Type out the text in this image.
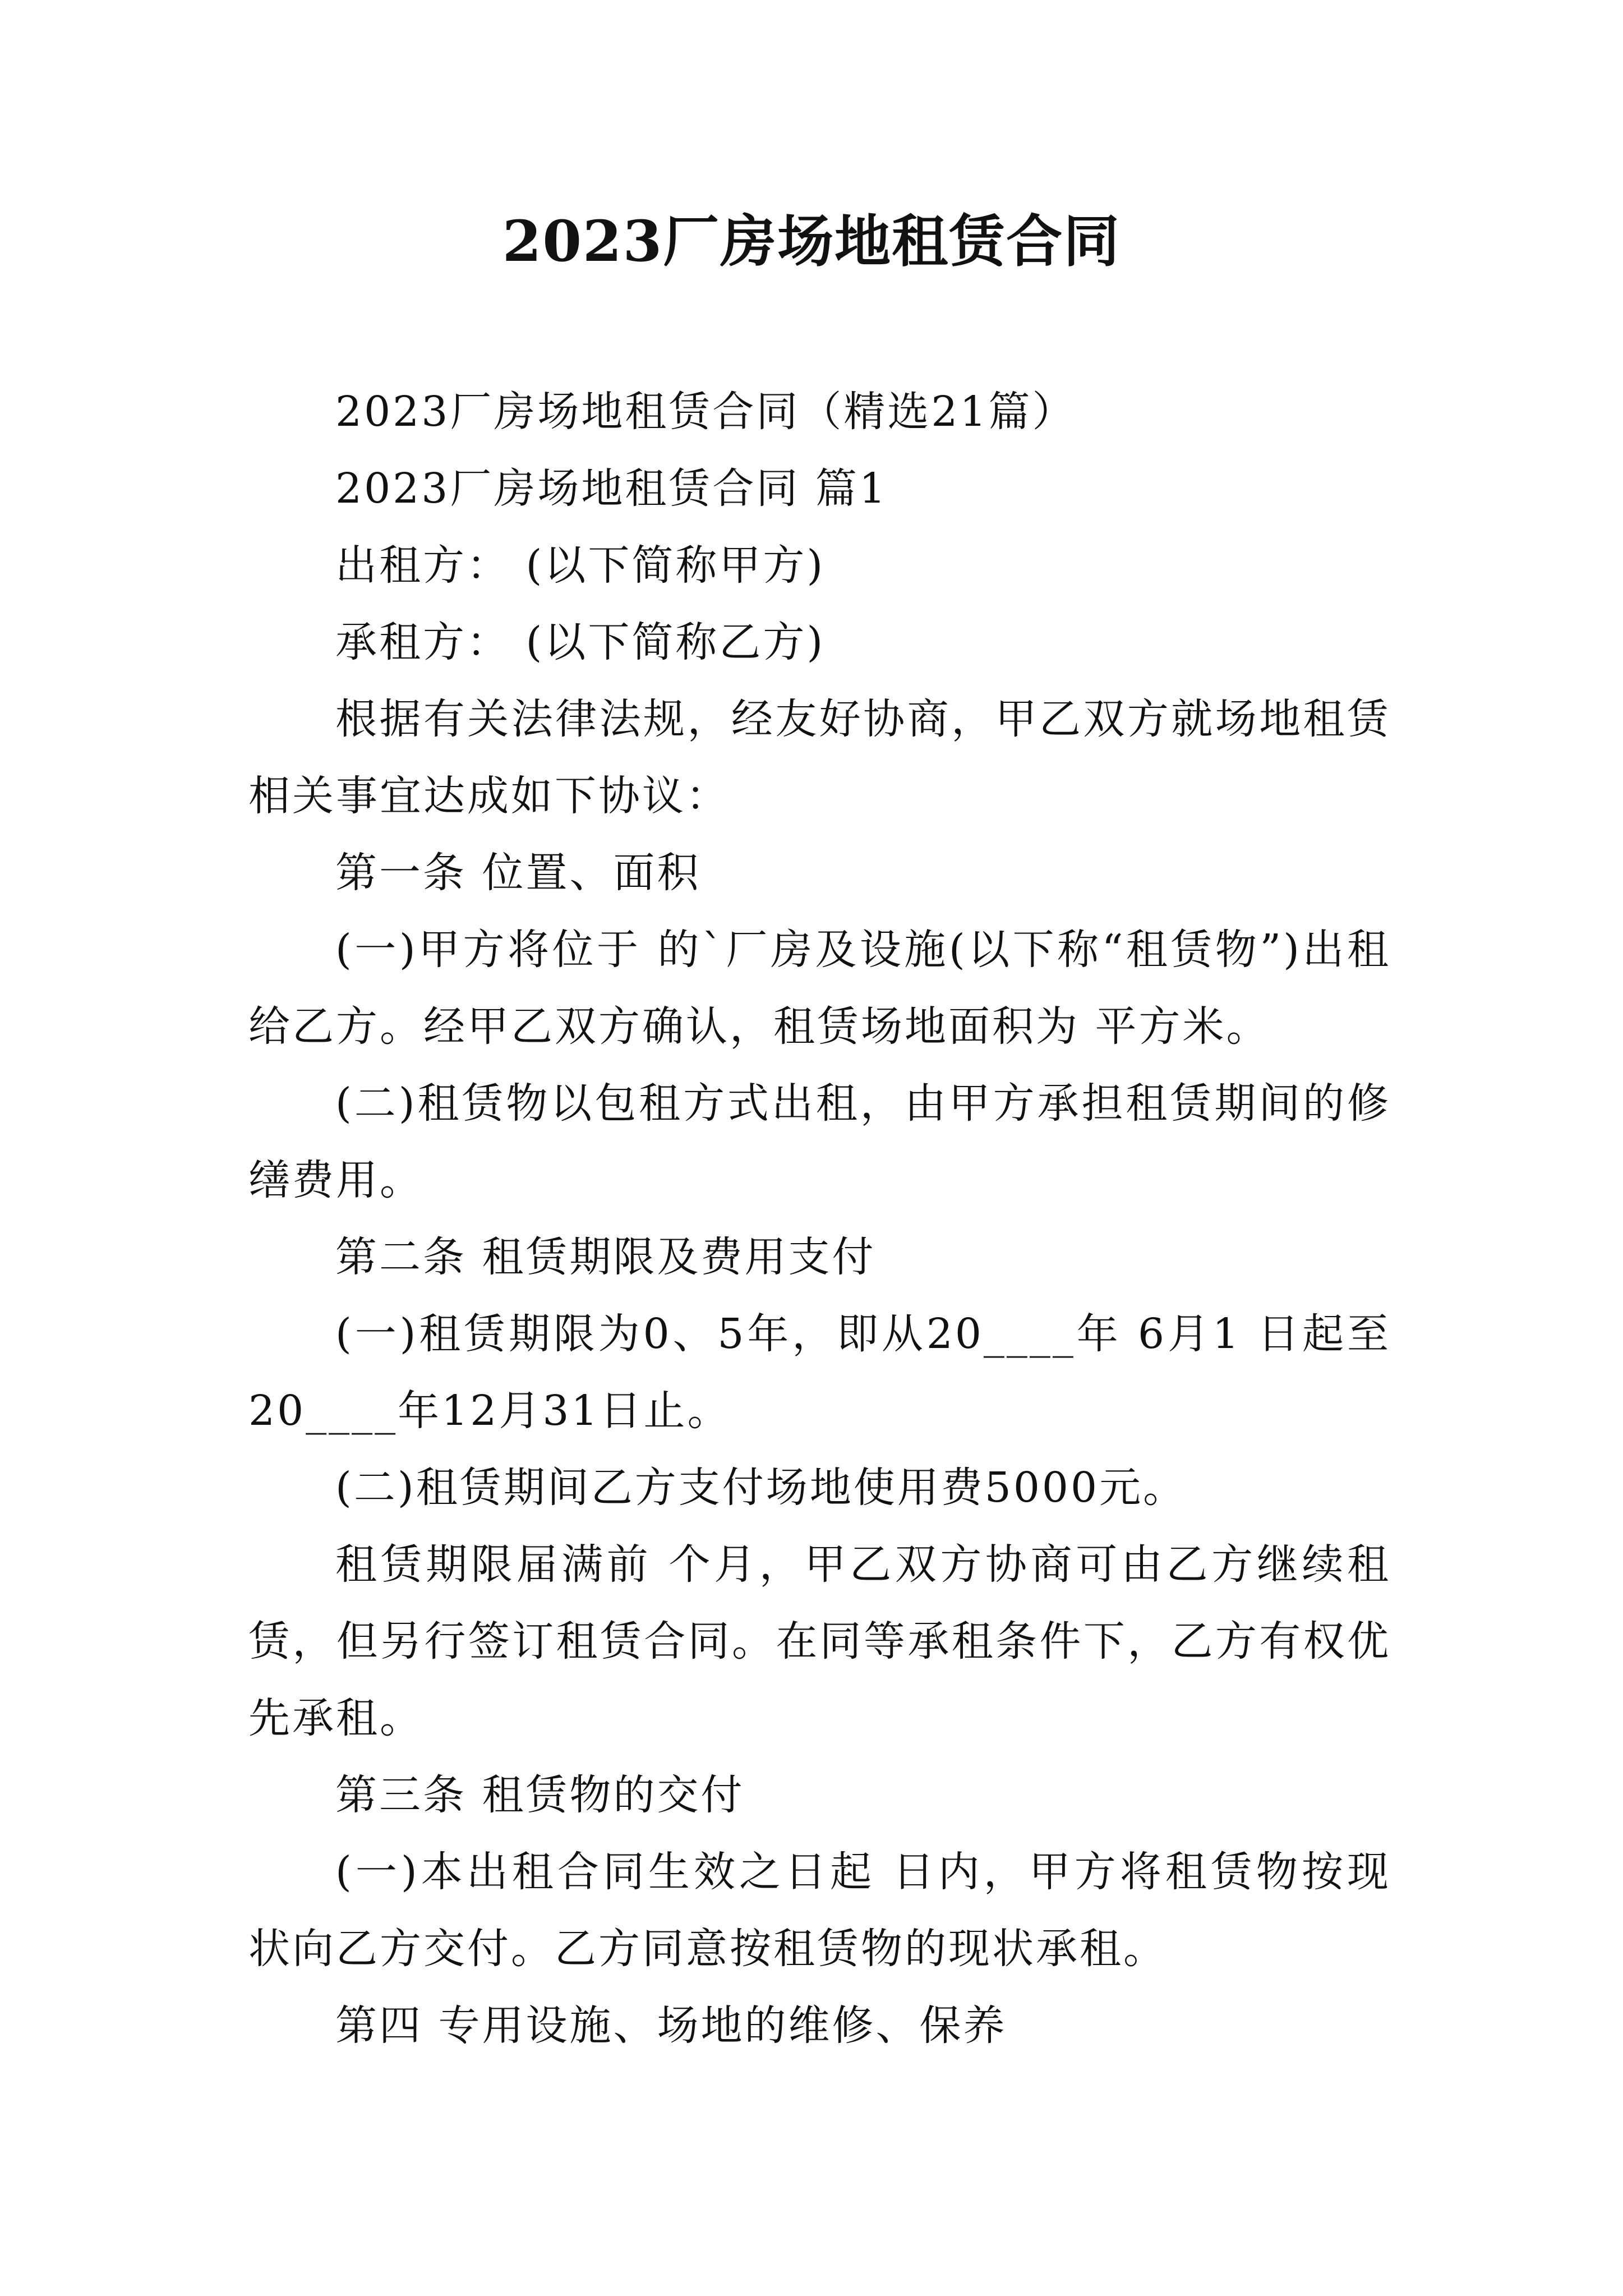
2023厂房场地租赁合同

2023厂房场地租赁合同（精选21篇）

2023厂房场地租赁合同 篇1

出租方： (以下简称甲方)

承租方： (以下简称乙方)

根据有关法律法规，经友好协商，甲乙双方就场地租赁相关事宜达成如下协议：

第一条 位置、面积

(一)甲方将位于 的`厂房及设施(以下称“租赁物”)出租给乙方。经甲乙双方确认，租赁场地面积为 平方米。

(二)租赁物以包租方式出租，由甲方承担租赁期间的修缮费用。

第二条 租赁期限及费用支付

(一)租赁期限为0、5年，即从20____年 6月1 日起至20____年12月31日止。

(二)租赁期间乙方支付场地使用费5000元。

租赁期限届满前 个月，甲乙双方协商可由乙方继续租赁，但另行签订租赁合同。在同等承租条件下，乙方有权优先承租。

第三条 租赁物的交付

(一)本出租合同生效之日起 日内，甲方将租赁物按现状向乙方交付。乙方同意按租赁物的现状承租。

第四 专用设施、场地的维修、保养
